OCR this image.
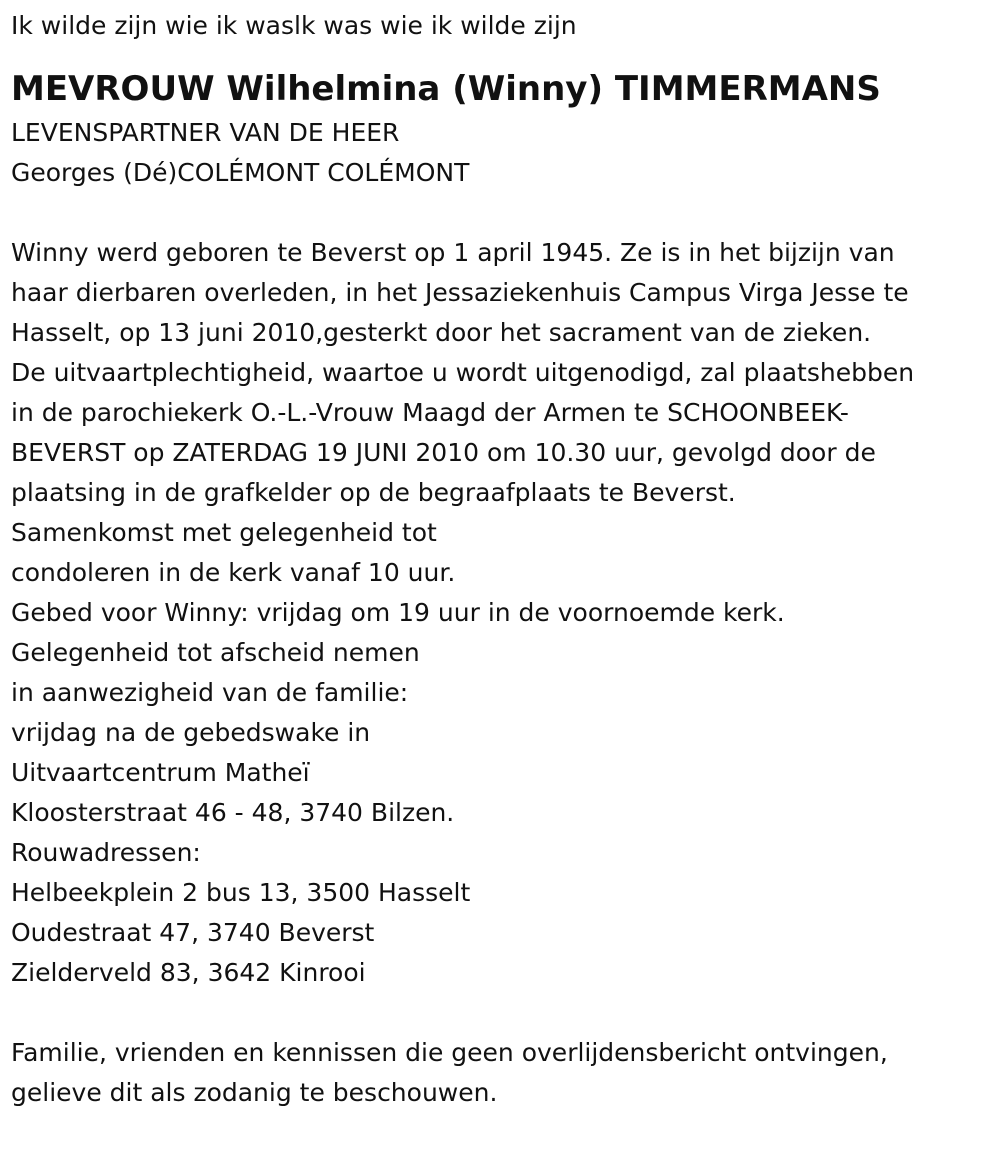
Ik wilde zijn wie ik waslk was wie ik wilde zijn
MEVROUW Wilhelmina (Winny) TIMMERMANS
LEVENSPARTNER VAN DE HEER
Georges (Dé)COLÉMONT COLÉMONT
Winny werd geboren te Beverst op 1 april 1945. Ze is in het bijzijn van
haar dierbaren overleden, in het Jessaziekenhuis Campus Virga Jesse te
Hasselt, op 13 juni 2010,gesterkt door het sacrament van de zieken.
De uitvaartplechtigheid, waartoe u wordt uitgenodigd, zal plaatshebben
in de parochiekerk O.-L.-Vrouw Maagd der Armen te SCHOONBEEK-
BEVERST op ZATERDAG 19 JUNI 2010 om 10.30 uur, gevolgd door de
plaatsing in de grafkelder op de begraafplaats te Beverst.
Samenkomst met gelegenheid tot
condoleren in de kerk vanaf 10 uur.
Gebed voor Winny: vrijdag om 19 uur in de voornoemde kerk.
Gelegenheid tot afscheid nemen
in aanwezigheid van de familie:
vrijdag na de gebedswake in
Uitvaartcentrum Matheï
Kloosterstraat 46 - 48, 3740 Bilzen.
Rouwadressen:
Helbeekplein 2 bus 13, 3500 Hasselt
Oudestraat 47, 3740 Beverst
Zielderveld 83, 3642 Kinrooi
Familie, vrienden en kennissen die geen overlijdensbericht ontvingen,
gelieve dit als zodanig te beschouwen.
